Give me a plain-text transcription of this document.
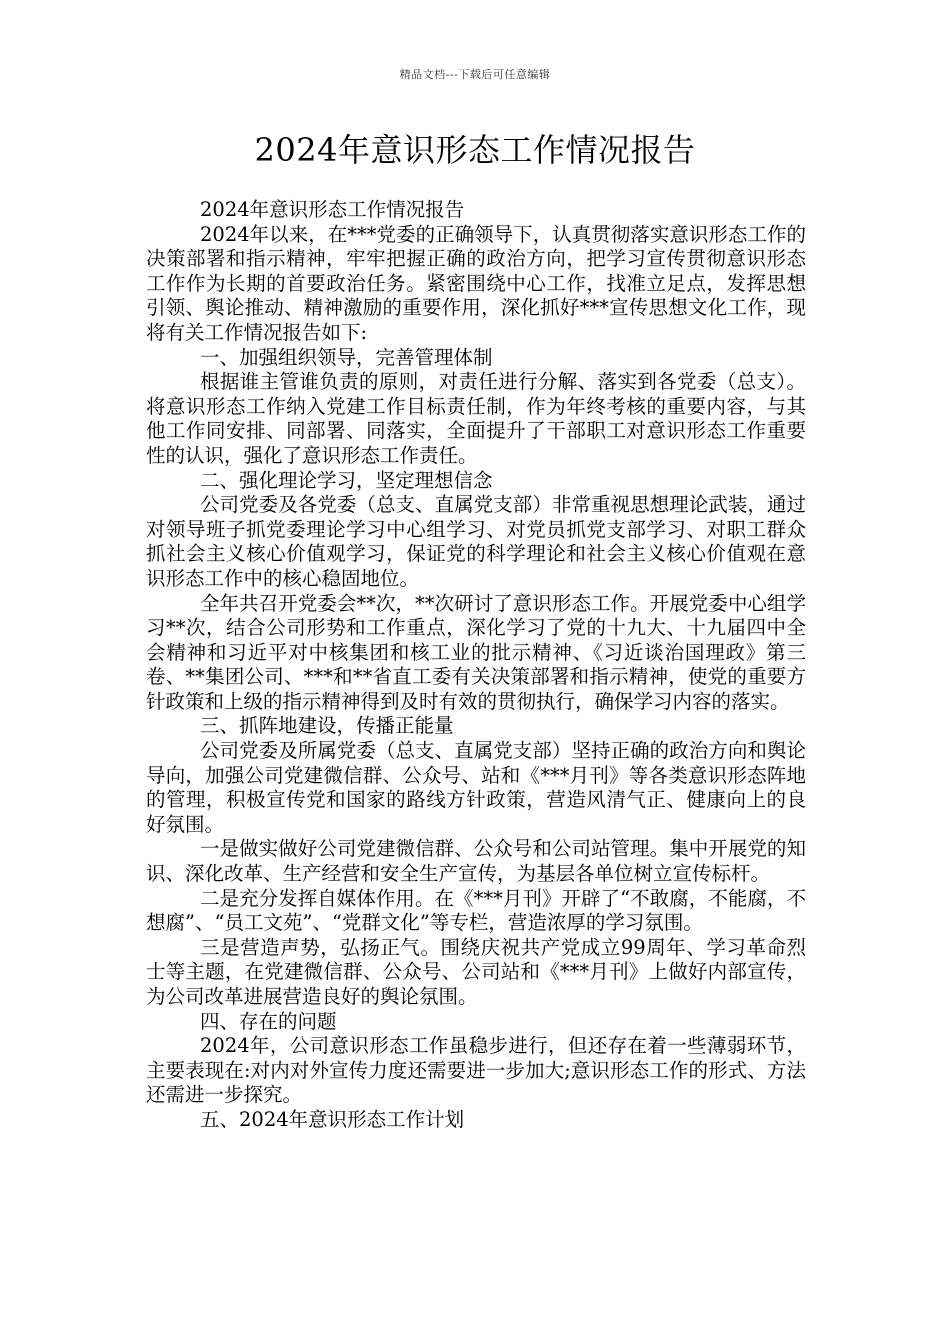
精品文档---下载后可任意编辑
2024年意识形态工作情况报告

2024年意识形态工作情况报告

2024年以来，在***党委的正确领导下，认真贯彻落实意识形态工作的决策部署和指示精神，牢牢把握正确的政治方向，把学习宣传贯彻意识形态工作作为长期的首要政治任务。紧密围绕中心工作，找准立足点，发挥思想引领、舆论推动、精神激励的重要作用，深化抓好***宣传思想文化工作，现将有关工作情况报告如下:

一、加强组织领导，完善管理体制

根据谁主管谁负责的原则，对责任进行分解、落实到各党委（总支）。将意识形态工作纳入党建工作目标责任制，作为年终考核的重要内容，与其他工作同安排、同部署、同落实，全面提升了干部职工对意识形态工作重要性的认识，强化了意识形态工作责任。

二、强化理论学习，坚定理想信念

公司党委及各党委（总支、直属党支部）非常重视思想理论武装，通过对领导班子抓党委理论学习中心组学习、对党员抓党支部学习、对职工群众抓社会主义核心价值观学习，保证党的科学理论和社会主义核心价值观在意识形态工作中的核心稳固地位。

全年共召开党委会**次，**次研讨了意识形态工作。开展党委中心组学习**次，结合公司形势和工作重点，深化学习了党的十九大、十九届四中全会精神和习近平对中核集团和核工业的批示精神、《习近谈治国理政》第三卷、**集团公司、***和**省直工委有关决策部署和指示精神，使党的重要方针政策和上级的指示精神得到及时有效的贯彻执行，确保学习内容的落实。

三、抓阵地建设，传播正能量

公司党委及所属党委（总支、直属党支部）坚持正确的政治方向和舆论导向，加强公司党建微信群、公众号、站和《***月刊》等各类意识形态阵地的管理，积极宣传党和国家的路线方针政策，营造风清气正、健康向上的良好氛围。

一是做实做好公司党建微信群、公众号和公司站管理。集中开展党的知识、深化改革、生产经营和安全生产宣传，为基层各单位树立宣传标杆。

二是充分发挥自媒体作用。在《***月刊》开辟了“不敢腐，不能腐，不想腐”、“员工文苑”、“党群文化”等专栏，营造浓厚的学习氛围。

三是营造声势，弘扬正气。围绕庆祝共产党成立99周年、学习革命烈士等主题，在党建微信群、公众号、公司站和《***月刊》上做好内部宣传，为公司改革进展营造良好的舆论氛围。

四、存在的问题

2024年，公司意识形态工作虽稳步进行，但还存在着一些薄弱环节，主要表现在:对内对外宣传力度还需要进一步加大;意识形态工作的形式、方法还需进一步探究。

五、2024年意识形态工作计划
